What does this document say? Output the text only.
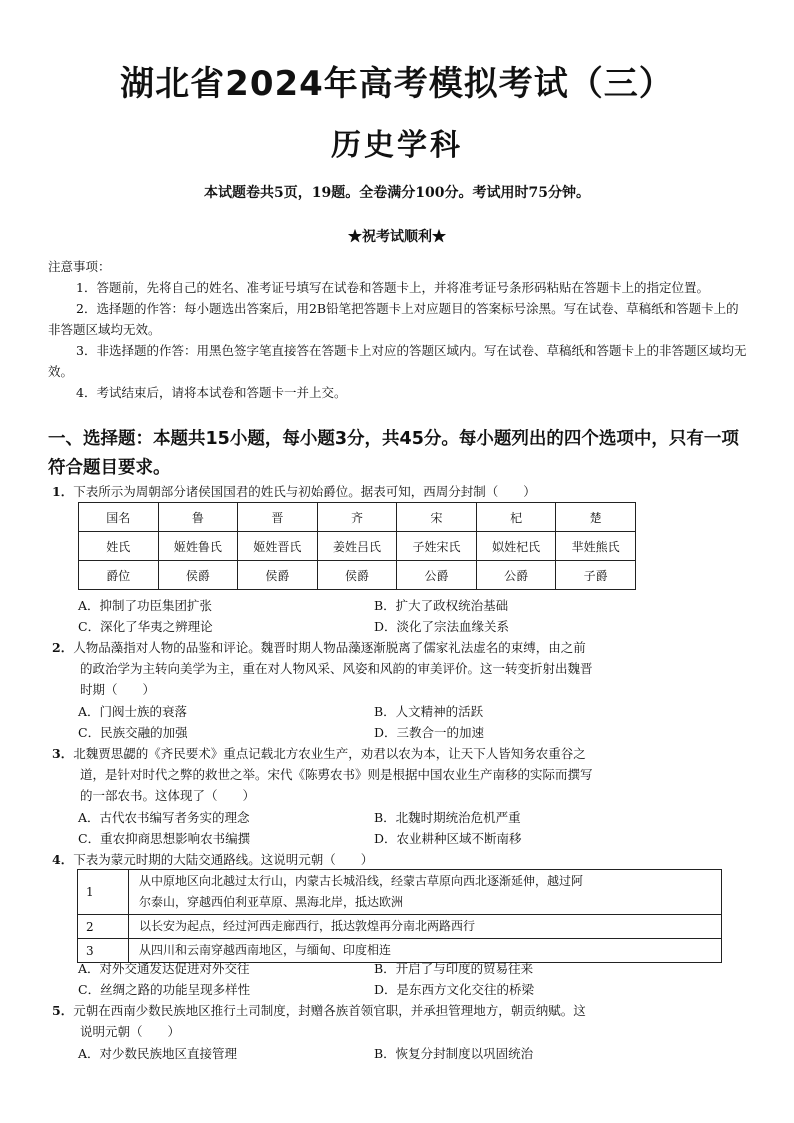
湖北省2024年高考模拟考试（三）
历史学科
本试题卷共5页，19题。全卷满分100分。考试用时75分钟。
★祝考试顺利★

注意事项：

1．答题前，先将自己的姓名、准考证号填写在试卷和答题卡上，并将准考证号条形码粘贴在答题卡上的指定位置。

2．选择题的作答：每小题选出答案后，用2B铅笔把答题卡上对应题目的答案标号涂黑。写在试卷、草稿纸和答题卡上的非答题区域均无效。

3．非选择题的作答：用黑色签字笔直接答在答题卡上对应的答题区域内。写在试卷、草稿纸和答题卡上的非答题区域均无效。

4．考试结束后，请将本试卷和答题卡一并上交。

一、选择题：本题共15小题，每小题3分，共45分。每小题列出的四个选项中，只有一项符合题目要求。

1．下表所示为周朝部分诸侯国国君的姓氏与初始爵位。据表可知，西周分封制（　　）

国名	鲁	晋	齐	宋	杞	楚
姓氏	姬姓鲁氏	姬姓晋氏	姜姓吕氏	子姓宋氏	姒姓杞氏	芈姓熊氏
爵位	侯爵	侯爵	侯爵	公爵	公爵	子爵
A．抑制了功臣集团扩张	B．扩大了政权统治基础
C．深化了华夷之辨理论	D．淡化了宗法血缘关系

2．人物品藻指对人物的品鉴和评论。魏晋时期人物品藻逐渐脱离了儒家礼法虚名的束缚，由之前

的政治学为主转向美学为主，重在对人物风采、风姿和风韵的审美评价。这一转变折射出魏晋

时期（　　）

A．门阀士族的衰落	B．人文精神的活跃
C．民族交融的加强	D．三教合一的加速

3．北魏贾思勰的《齐民要术》重点记载北方农业生产，劝君以农为本，让天下人皆知务农重谷之

道，是针对时代之弊的救世之举。宋代《陈旉农书》则是根据中国农业生产南移的实际而撰写

的一部农书。这体现了（　　）

A．古代农书编写者务实的理念	B．北魏时期统治危机严重
C．重农抑商思想影响农书编撰	D．农业耕种区域不断南移

4．下表为蒙元时期的大陆交通路线。这说明元朝（　　）

1	从中原地区向北越过太行山，内蒙古长城沿线，经蒙古草原向西北逐渐延伸，越过阿
尔泰山，穿越西伯利亚草原、黑海北岸，抵达欧洲

2	以长安为起点，经过河西走廊西行，抵达敦煌再分南北两路西行
3	从四川和云南穿越西南地区，与缅甸、印度相连
A．对外交通发达促进对外交往	B．开启了与印度的贸易往来
C．丝绸之路的功能呈现多样性	D．是东西方文化交往的桥梁

5．元朝在西南少数民族地区推行土司制度，封赠各族首领官职，并承担管理地方，朝贡纳赋。这

说明元朝（　　）

A．对少数民族地区直接管理	B．恢复分封制度以巩固统治
